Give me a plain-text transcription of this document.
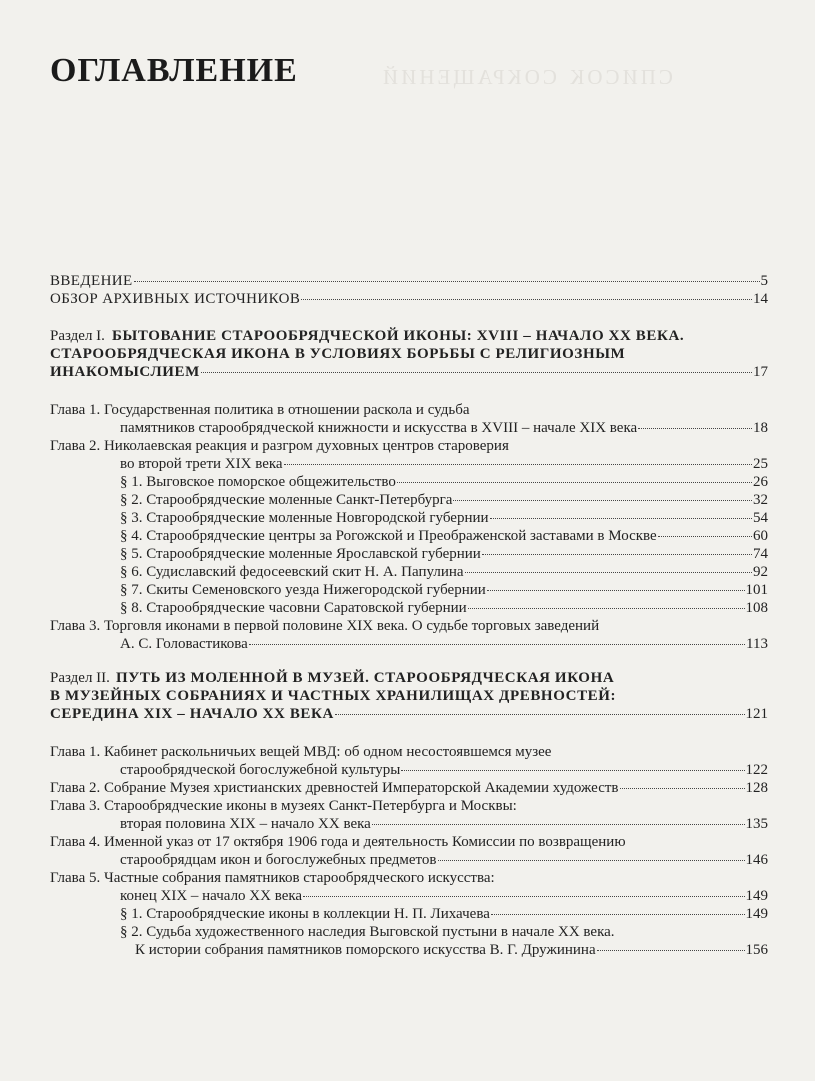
список сокращений
ОГЛАВЛЕНИЕ
ВВЕДЕНИЕ	5
ОБЗОР АРХИВНЫХ ИСТОЧНИКОВ	14
Раздел I. БЫТОВАНИЕ СТАРООБРЯДЧЕСКОЙ ИКОНЫ: XVIII – НАЧАЛО XX ВЕКА.
СТАРООБРЯДЧЕСКАЯ ИКОНА В УСЛОВИЯХ БОРЬБЫ С РЕЛИГИОЗНЫМ
ИНАКОМЫСЛИЕМ	17
Глава 1. Государственная политика в отношении раскола и судьба
памятников старообрядческой книжности и искусства в XVIII – начале XIX века	18
Глава 2. Николаевская реакция и разгром духовных центров староверия
во второй трети XIX века	25
§ 1. Выговское поморское общежительство	26
§ 2. Старообрядческие моленные Санкт-Петербурга	32
§ 3. Старообрядческие моленные Новгородской губернии	54
§ 4. Старообрядческие центры за Рогожской и Преображенской заставами в Москве	60
§ 5. Старообрядческие моленные Ярославской губернии	74
§ 6. Судиславский федосеевский скит Н. А. Папулина	92
§ 7. Скиты Семеновского уезда Нижегородской губернии	101
§ 8. Старообрядческие часовни Саратовской губернии	108
Глава 3. Торговля иконами в первой половине XIX века. О судьбе торговых заведений
А. С. Головастикова	113
Раздел II. ПУТЬ ИЗ МОЛЕННОЙ В МУЗЕЙ. СТАРООБРЯДЧЕСКАЯ ИКОНА
В МУЗЕЙНЫХ СОБРАНИЯХ И ЧАСТНЫХ ХРАНИЛИЩАХ ДРЕВНОСТЕЙ:
СЕРЕДИНА XIX – НАЧАЛО XX ВЕКА	121
Глава 1. Кабинет раскольничьих вещей МВД: об одном несостоявшемся музее
старообрядческой богослужебной культуры	122
Глава 2. Собрание Музея христианских древностей Императорской Академии художеств	128
Глава 3. Старообрядческие иконы в музеях Санкт-Петербурга и Москвы:
вторая половина XIX – начало XX века	135
Глава 4. Именной указ от 17 октября 1906 года и деятельность Комиссии по возвращению
старообрядцам икон и богослужебных предметов	146
Глава 5. Частные собрания памятников старообрядческого искусства:
конец XIX – начало XX века	149
§ 1. Старообрядческие иконы в коллекции Н. П. Лихачева	149
§ 2. Судьба художественного наследия Выговской пустыни в начале XX века.
К истории собрания памятников поморского искусства В. Г. Дружинина	156
